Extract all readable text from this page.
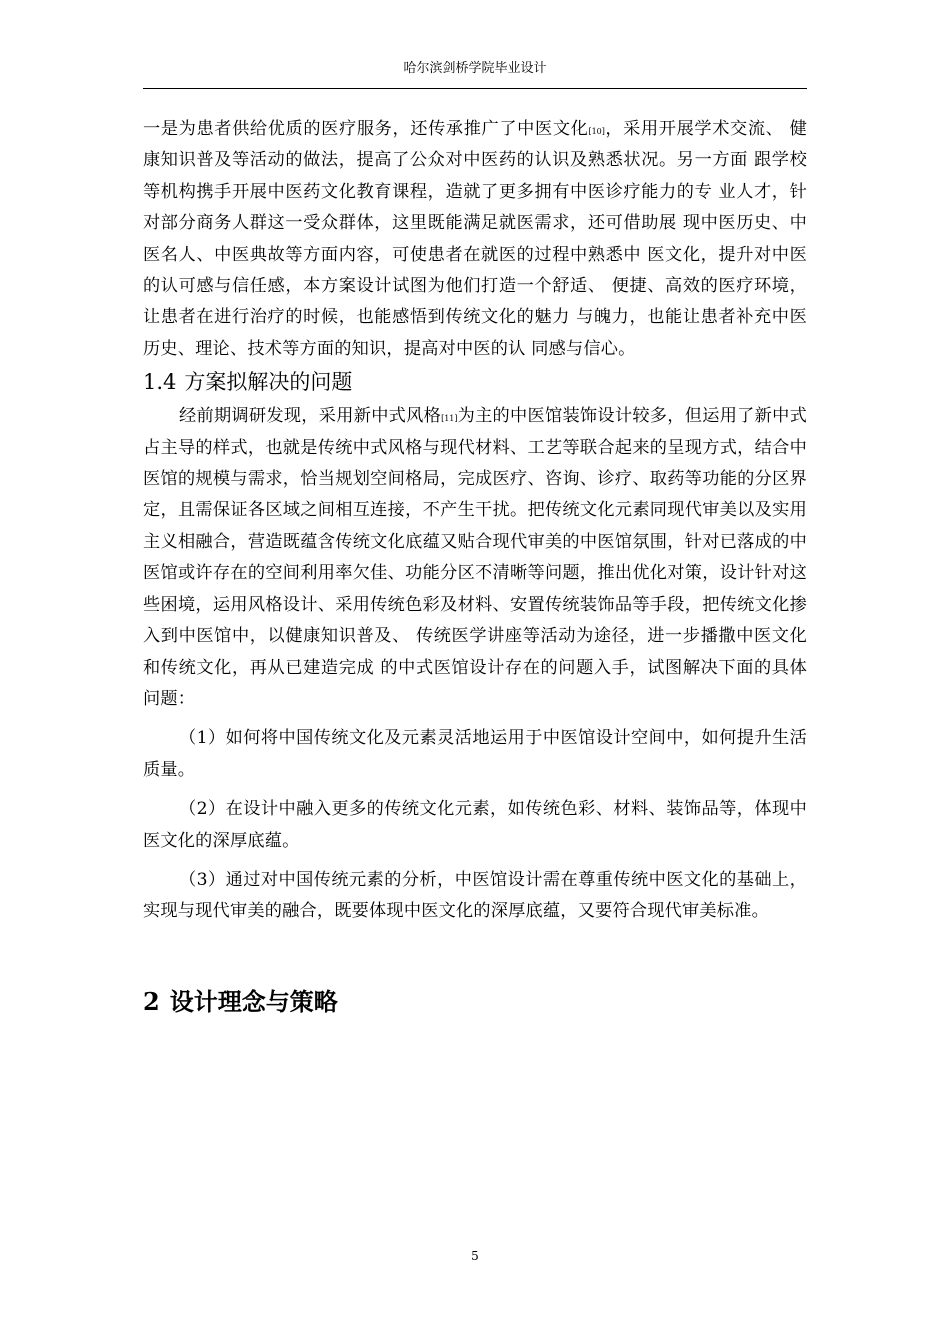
哈尔滨剑桥学院毕业设计

一是为患者供给优质的医疗服务，还传承推广了中医文化[10]，采用开展学术交流、 健康知识普及等活动的做法，提高了公众对中医药的认识及熟悉状况。另一方面 跟学校等机构携手开展中医药文化教育课程，造就了更多拥有中医诊疗能力的专 业人才，针对部分商务人群这一受众群体，这里既能满足就医需求，还可借助展 现中医历史、中医名人、中医典故等方面内容，可使患者在就医的过程中熟悉中 医文化，提升对中医的认可感与信任感，本方案设计试图为他们打造一个舒适、 便捷、高效的医疗环境，让患者在进行治疗的时候，也能感悟到传统文化的魅力 与魄力，也能让患者补充中医历史、理论、技术等方面的知识，提高对中医的认 同感与信心。

1.4 方案拟解决的问题

经前期调研发现，采用新中式风格[11]为主的中医馆装饰设计较多，但运用了新中式占主导的样式，也就是传统中式风格与现代材料、工艺等联合起来的呈现方式，结合中医馆的规模与需求，恰当规划空间格局，完成医疗、咨询、诊疗、取药等功能的分区界定，且需保证各区域之间相互连接，不产生干扰。把传统文化元素同现代审美以及实用主义相融合，营造既蕴含传统文化底蕴又贴合现代审美的中医馆氛围，针对已落成的中医馆或许存在的空间利用率欠佳、功能分区不清晰等问题，推出优化对策，设计针对这些困境，运用风格设计、采用传统色彩及材料、安置传统装饰品等手段，把传统文化掺入到中医馆中，以健康知识普及、 传统医学讲座等活动为途径，进一步播撒中医文化和传统文化，再从已建造完成 的中式医馆设计存在的问题入手，试图解决下面的具体问题：

（1）如何将中国传统文化及元素灵活地运用于中医馆设计空间中，如何提升生活质量。

（2）在设计中融入更多的传统文化元素，如传统色彩、材料、装饰品等，体现中医文化的深厚底蕴。

（3）通过对中国传统元素的分析，中医馆设计需在尊重传统中医文化的基础上，实现与现代审美的融合，既要体现中医文化的深厚底蕴，又要符合现代审美标准。

2 设计理念与策略
5
